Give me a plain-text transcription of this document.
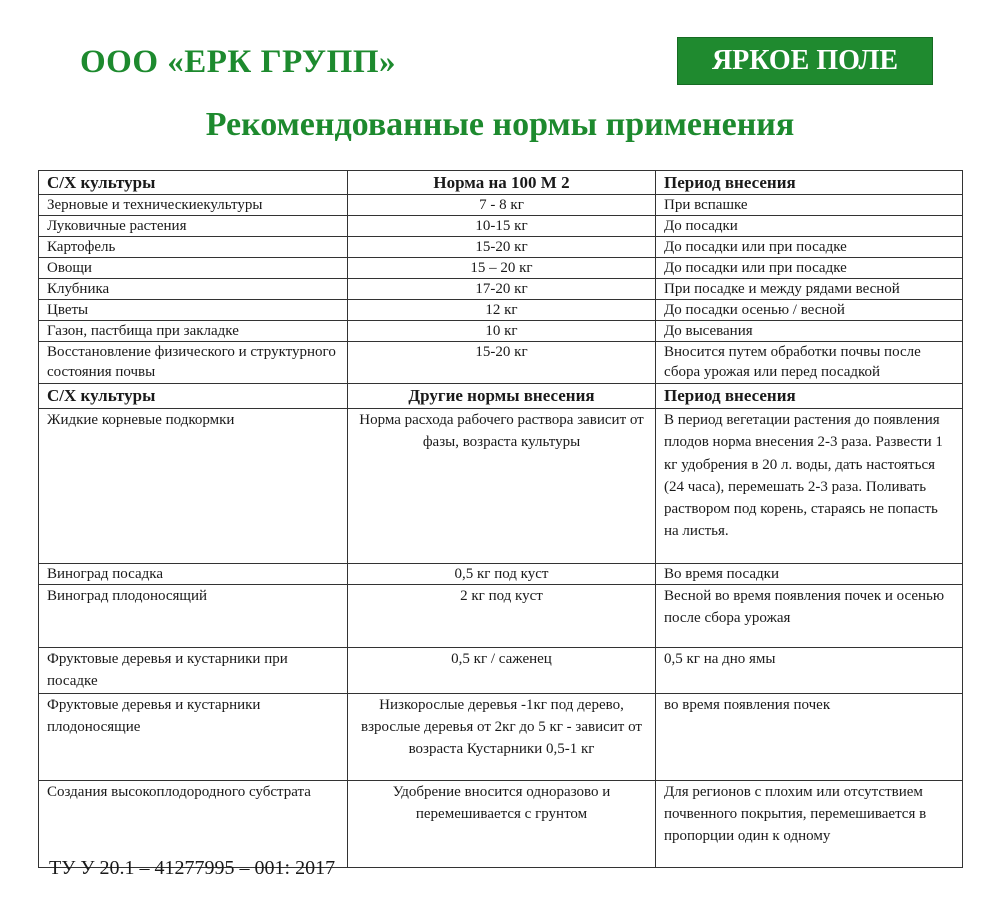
ООО «ЕРК ГРУПП»	ЯРКОЕ ПОЛЕ
Рекомендованные нормы применения
С/Х культуры	Норма на 100 М 2	Период внесения
Зерновые и техническиекультуры	7 - 8 кг	При вспашке
Луковичные растения	10-15 кг	До посадки
Картофель	15-20 кг	До посадки или при посадке
Овощи	15 – 20 кг	До посадки или при посадке
Клубника	17-20 кг	При посадке и между рядами весной
Цветы	12 кг	До посадки осенью / весной
Газон, пастбища при закладке	10 кг	До высевания
Восстановление физического и структурного состояния почвы	15-20 кг	Вносится путем обработки почвы после сбора урожая или перед посадкой
С/Х культуры	Другие нормы внесения	Период внесения
Жидкие корневые подкормки	Норма расхода рабочего раствора зависит от фазы, возраста культуры	В период вегетации растения до появления плодов норма внесения 2-3 раза. Развести 1 кг удобрения в 20 л. воды, дать настояться (24 часа), перемешать 2-3 раза. Поливать раствором под корень, стараясь не попасть на листья.
Виноград посадка	0,5 кг под куст	Во время посадки
Виноград плодоносящий	2 кг под куст	Весной во время появления почек и осенью после сбора урожая
Фруктовые деревья и кустарники при посадке	0,5 кг / саженец	0,5 кг на дно ямы
Фруктовые деревья и кустарники плодоносящие	Низкорослые деревья -1кг под дерево, взрослые деревья от 2кг до 5 кг - зависит от возраста Кустарники 0,5-1 кг	во время появления почек
Создания высокоплодородного субстрата	Удобрение вносится одноразово и перемешивается с грунтом	Для регионов с плохим или отсутствием почвенного покрытия, перемешивается в пропорции один к одному
ТУ У 20.1 – 41277995 – 001: 2017
